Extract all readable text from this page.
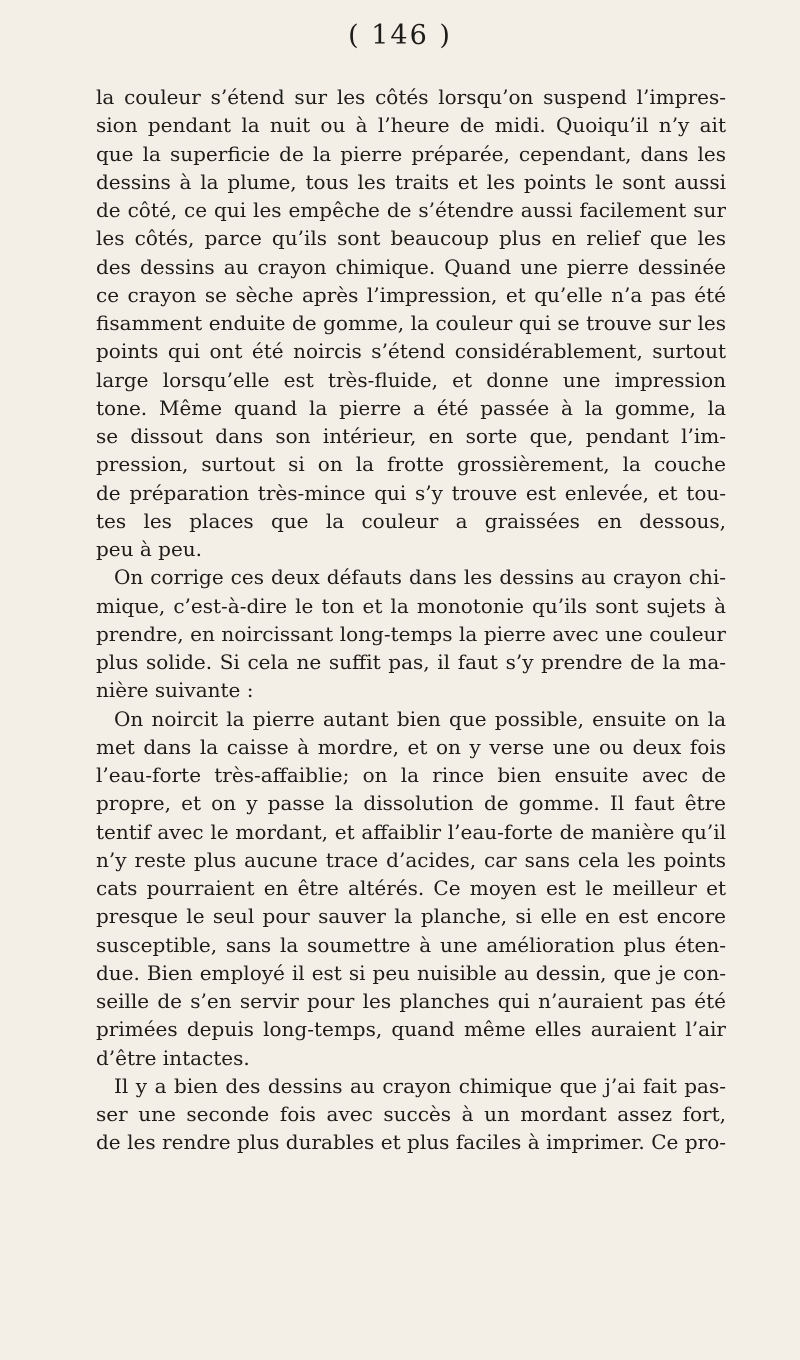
( 146 )
la couleur s’étend sur les côtés lorsqu’on suspend l’impres-
sion pendant la nuit ou à l’heure de midi. Quoiqu’il n’y ait
que la superficie de la pierre préparée, cependant, dans les
dessins à la plume, tous les traits et les points le sont aussi
de côté, ce qui les empêche de s’étendre aussi facilement sur
les côtés, parce qu’ils sont beaucoup plus en relief que les
des dessins au crayon chimique. Quand une pierre dessinée
ce crayon se sèche après l’impression, et qu’elle n’a pas été
fisamment enduite de gomme, la couleur qui se trouve sur les
points qui ont été noircis s’étend considérablement, surtout
large lorsqu’elle est très-fluide, et donne une impression
tone. Même quand la pierre a été passée à la gomme, la
se dissout dans son intérieur, en sorte que, pendant l’im-
pression, surtout si on la frotte grossièrement, la couche
de préparation très-mince qui s’y trouve est enlevée, et tou-
tes les places que la couleur a graissées en dessous,
peu à peu.
On corrige ces deux défauts dans les dessins au crayon chi-
mique, c’est-à-dire le ton et la monotonie qu’ils sont sujets à
prendre, en noircissant long-temps la pierre avec une couleur
plus solide. Si cela ne suffit pas, il faut s’y prendre de la ma-
nière suivante :
On noircit la pierre autant bien que possible, ensuite on la
met dans la caisse à mordre, et on y verse une ou deux fois
l’eau-forte très-affaiblie; on la rince bien ensuite avec de
propre, et on y passe la dissolution de gomme. Il faut être
tentif avec le mordant, et affaiblir l’eau-forte de manière qu’il
n’y reste plus aucune trace d’acides, car sans cela les points
cats pourraient en être altérés. Ce moyen est le meilleur et
presque le seul pour sauver la planche, si elle en est encore
susceptible, sans la soumettre à une amélioration plus éten-
due. Bien employé il est si peu nuisible au dessin, que je con-
seille de s’en servir pour les planches qui n’auraient pas été
primées depuis long-temps, quand même elles auraient l’air
d’être intactes.
Il y a bien des dessins au crayon chimique que j’ai fait pas-
ser une seconde fois avec succès à un mordant assez fort,
de les rendre plus durables et plus faciles à imprimer. Ce pro-
